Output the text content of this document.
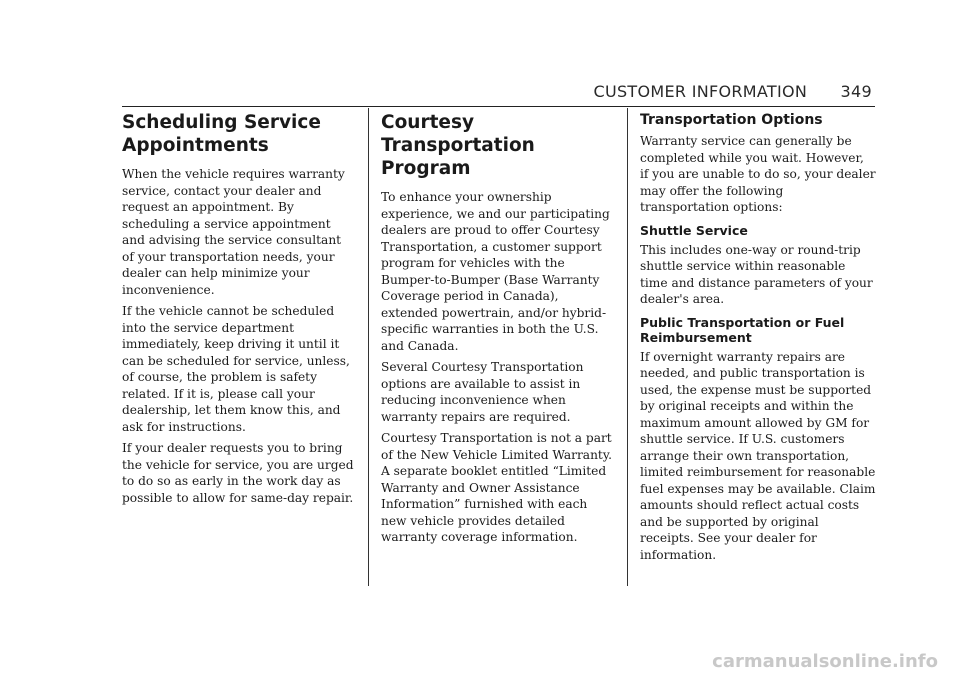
CUSTOMER INFORMATION 349
Scheduling Service Appointments

When the vehicle requires warranty service, contact your dealer and request an appointment. By scheduling a service appointment and advising the service consultant of your transportation needs, your dealer can help minimize your inconvenience.

If the vehicle cannot be scheduled into the service department immediately, keep driving it until it can be scheduled for service, unless, of course, the problem is safety related. If it is, please call your dealership, let them know this, and ask for instructions.

If your dealer requests you to bring the vehicle for service, you are urged to do so as early in the work day as possible to allow for same-day repair.

Courtesy Transportation Program

To enhance your ownership experience, we and our participating dealers are proud to offer Courtesy Transportation, a customer support program for vehicles with the Bumper-to-Bumper (Base Warranty Coverage period in Canada), extended powertrain, and/or hybrid-specific warranties in both the U.S. and Canada.

Several Courtesy Transportation options are available to assist in reducing inconvenience when warranty repairs are required.

Courtesy Transportation is not a part of the New Vehicle Limited Warranty. A separate booklet entitled “Limited Warranty and Owner Assistance Information” furnished with each new vehicle provides detailed warranty coverage information.

Transportation Options

Warranty service can generally be completed while you wait. However, if you are unable to do so, your dealer may offer the following transportation options:

Shuttle Service

This includes one-way or round-trip shuttle service within reasonable time and distance parameters of your dealer's area.

Public Transportation or Fuel Reimbursement

If overnight warranty repairs are needed, and public transportation is used, the expense must be supported by original receipts and within the maximum amount allowed by GM for shuttle service. If U.S. customers arrange their own transportation, limited reimbursement for reasonable fuel expenses may be available. Claim amounts should reflect actual costs and be supported by original receipts. See your dealer for information.

carmanualsonline.info
